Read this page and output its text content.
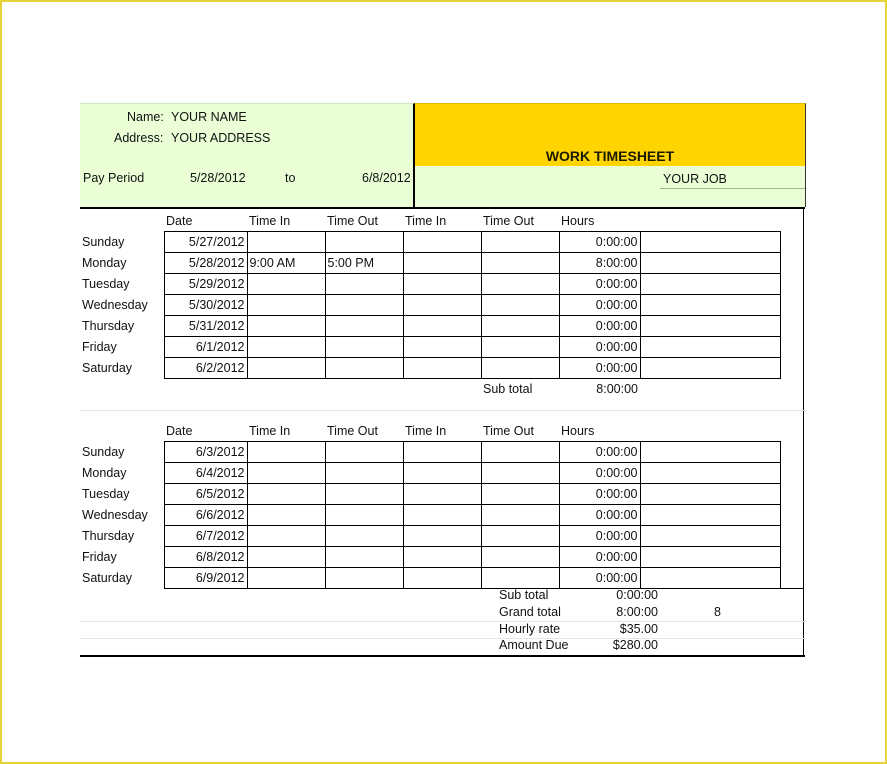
Name: YOUR NAME
Address: YOUR ADDRESS
WORK TIMESHEET
Pay Period	5/28/2012	to	6/8/2012	YOUR JOB
	Date	Time In	Time Out	Time In	Time Out	Hours	
Sunday	5/27/2012					0:00:00	
Monday	5/28/2012	9:00 AM	5:00 PM			8:00:00	
Tuesday	5/29/2012					0:00:00	
Wednesday	5/30/2012					0:00:00	
Thursday	5/31/2012					0:00:00	
Friday	6/1/2012					0:00:00	
Saturday	6/2/2012					0:00:00	
					Sub total	8:00:00	
	Date	Time In	Time Out	Time In	Time Out	Hours	
Sunday	6/3/2012					0:00:00	
Monday	6/4/2012					0:00:00	
Tuesday	6/5/2012					0:00:00	
Wednesday	6/6/2012					0:00:00	
Thursday	6/7/2012					0:00:00	
Friday	6/8/2012					0:00:00	
Saturday	6/9/2012					0:00:00	
Sub total	0:00:00
Grand total	8:00:00	8
Hourly rate	$35.00
Amount Due	$280.00
